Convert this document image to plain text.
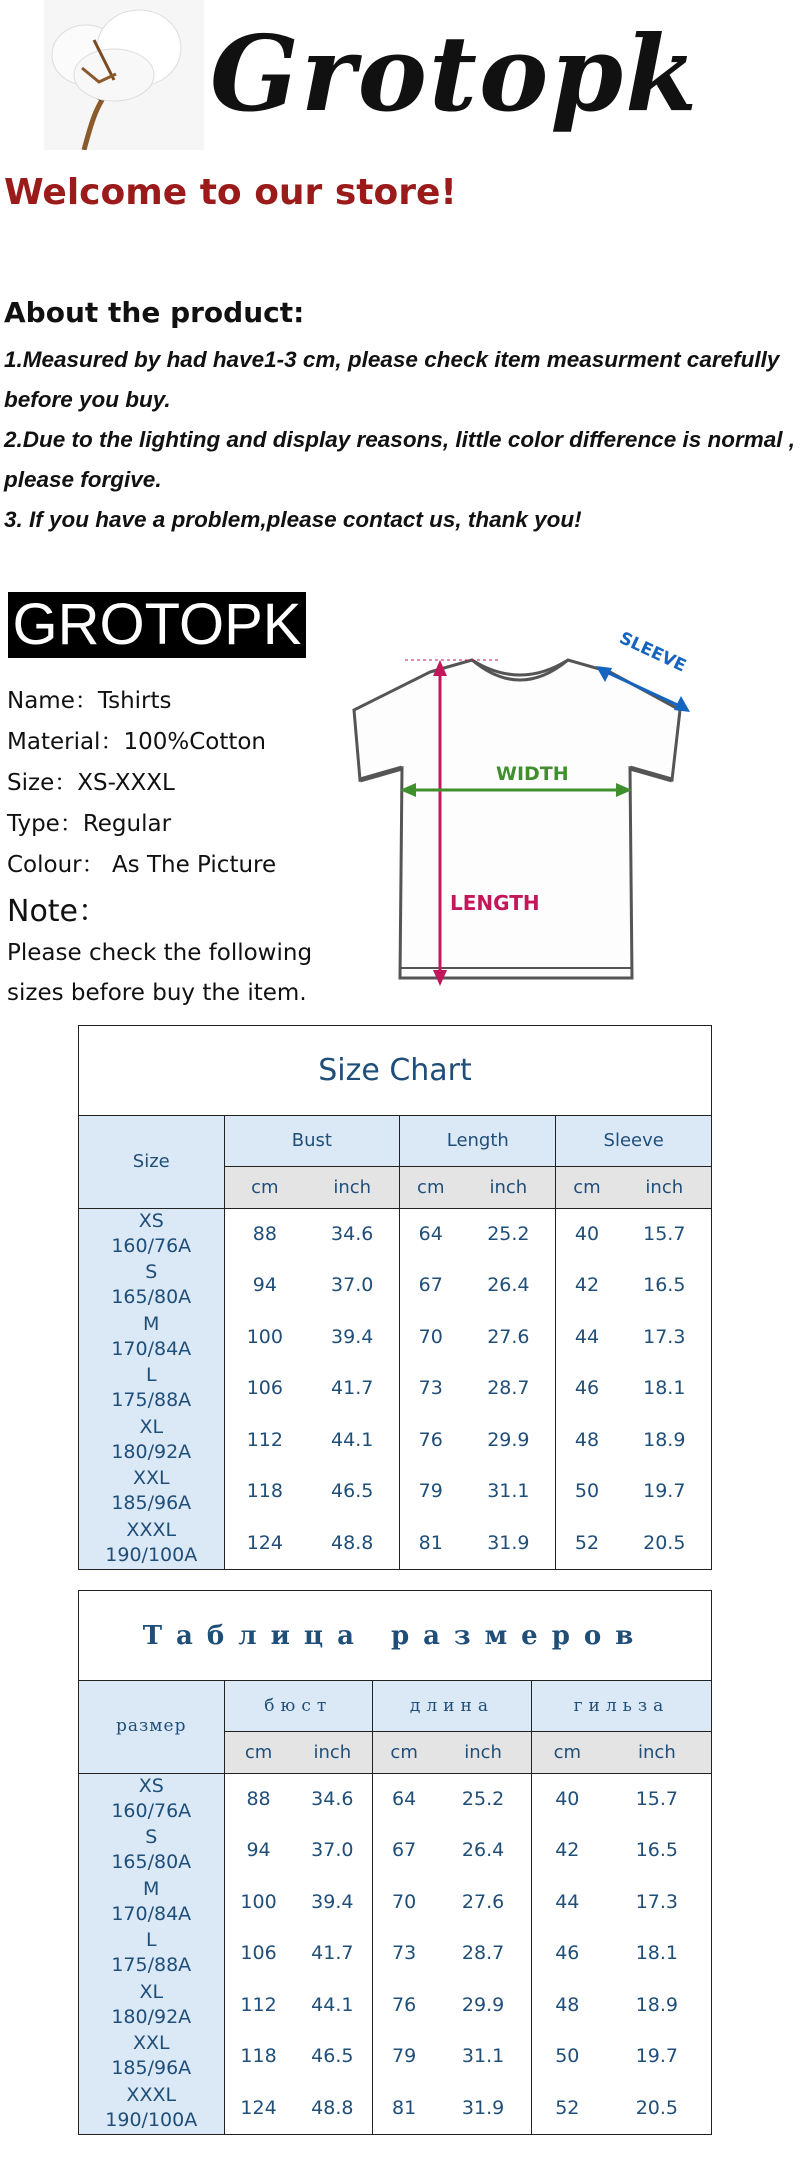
Grotopk
Welcome to our store!
About the product:

1.Measured by had have1-3 cm, please check item measurment carefully

before you buy.

2.Due to the lighting and display reasons, little color difference is normal ,

please forgive.

3. If you have a problem,please contact us, thank you!

GROTOPK
Name：Tshirts
Material：100%Cotton
Size：XS-XXXL
Type：Regular
Colour： As The Picture
Note：
Please check the following
sizes before buy the item.
LENGTH
WIDTH
SLEEVE
Size Chart
Size	Bust		Length		Sleeve	
	cm	inch	cm	inch	cm	inch

XS
160/76A	88	34.6	64	25.2	40	15.7

S
165/80A	94	37.0	67	26.4	42	16.5

M
170/84A	100	39.4	70	27.6	44	17.3

L
175/88A	106	41.7	73	28.7	46	18.1

XL
180/92A	112	44.1	76	29.9	48	18.9

XXL
185/96A	118	46.5	79	31.1	50	19.7

XXXL
190/100A	124	48.8	81	31.9	52	20.5
Таблица размеров
размер	бюст		длина		гильза	
	cm	inch	cm	inch	cm	inch

XS
160/76A	88	34.6	64	25.2	40	15.7

S
165/80A	94	37.0	67	26.4	42	16.5

M
170/84A	100	39.4	70	27.6	44	17.3

L
175/88A	106	41.7	73	28.7	46	18.1

XL
180/92A	112	44.1	76	29.9	48	18.9

XXL
185/96A	118	46.5	79	31.1	50	19.7

XXXL
190/100A	124	48.8	81	31.9	52	20.5
